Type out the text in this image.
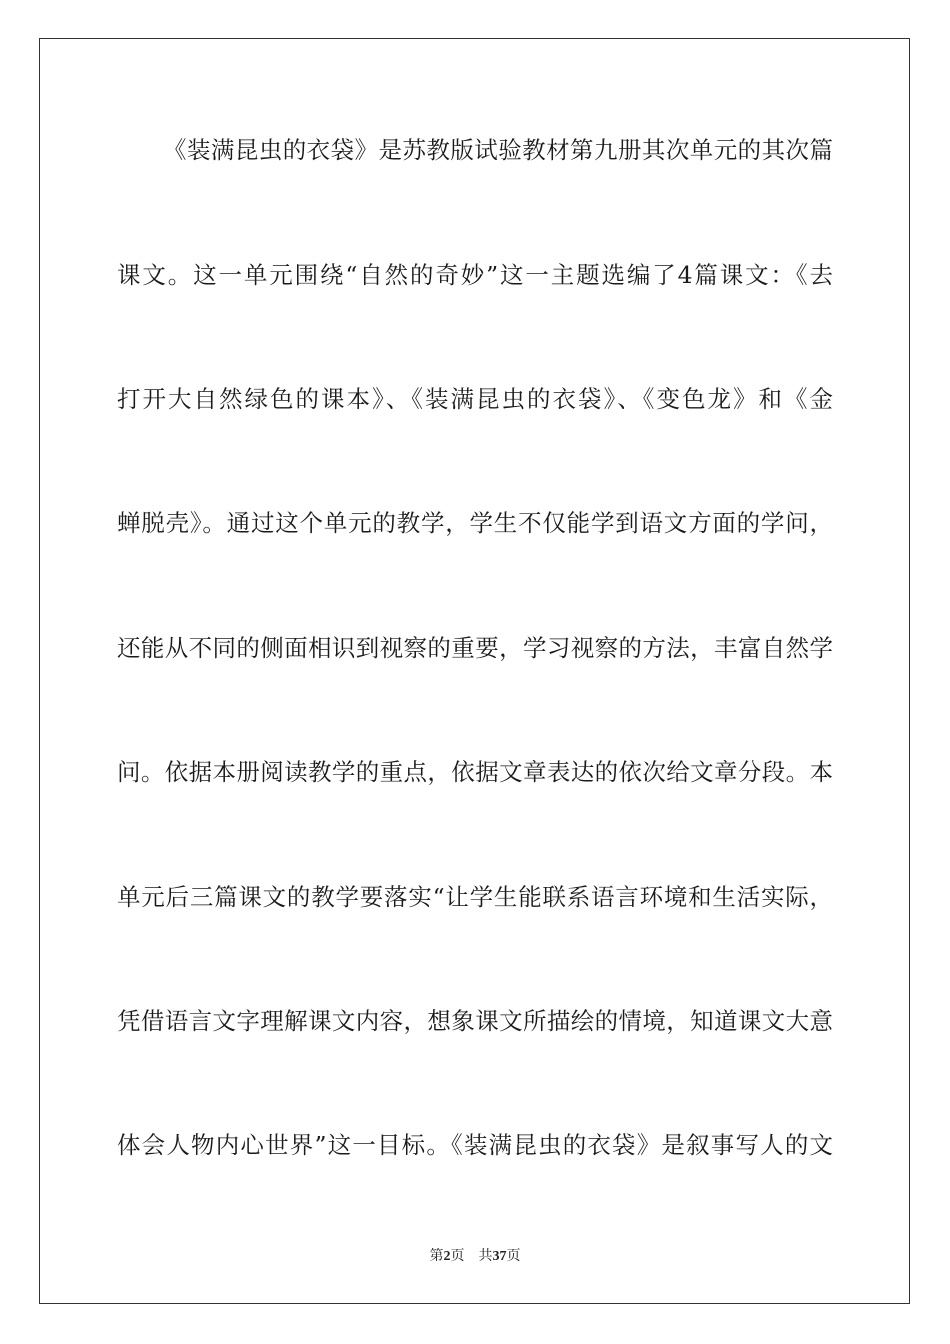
《装满昆虫的衣袋》是苏教版试验教材第九册其次单元的其次篇
课文。这一单元围绕“自然的奇妙”这一主题选编了4篇课文：《去
打开大自然绿色的课本》、《装满昆虫的衣袋》、《变色龙》和《金
蝉脱壳》。通过这个单元的教学，学生不仅能学到语文方面的学问，
还能从不同的侧面相识到视察的重要，学习视察的方法，丰富自然学
问。依据本册阅读教学的重点，依据文章表达的依次给文章分段。本
单元后三篇课文的教学要落实“让学生能联系语言环境和生活实际，
凭借语言文字理解课文内容，想象课文所描绘的情境，知道课文大意
体会人物内心世界”这一目标。《装满昆虫的衣袋》是叙事写人的文
第2页 共37页
